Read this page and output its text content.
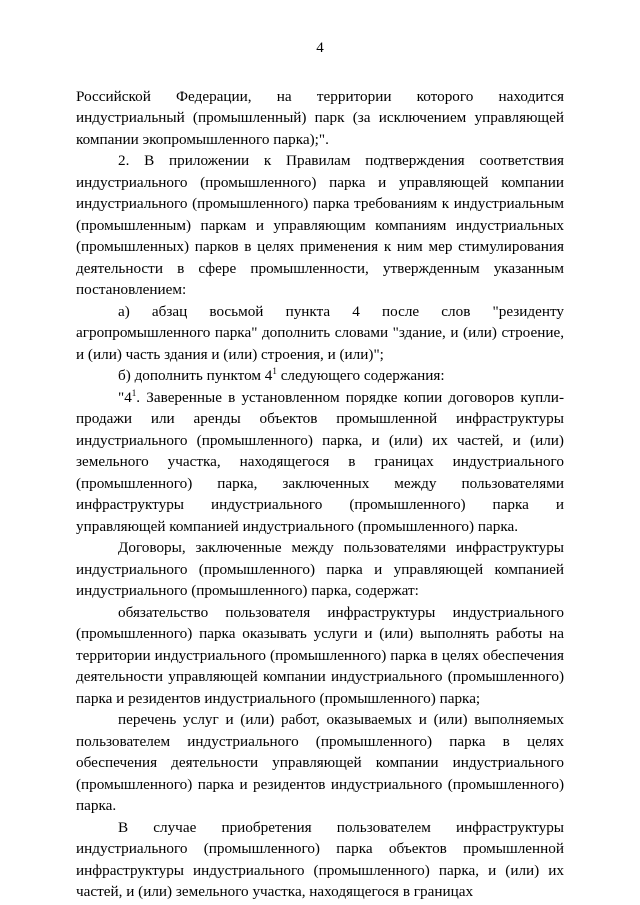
4

Российской Федерации, на территории которого находится индустриальный (промышленный) парк (за исключением управляющей компании экопромышленного парка);".

2. В приложении к Правилам подтверждения соответствия индустриального (промышленного) парка и управляющей компании индустриального (промышленного) парка требованиям к индустриальным (промышленным) паркам и управляющим компаниям индустриальных (промышленных) парков в целях применения к ним мер стимулирования деятельности в сфере промышленности, утвержденным указанным постановлением:

а) абзац восьмой пункта 4 после слов "резиденту агропромышленного парка" дополнить словами "здание, и (или) строение, и (или) часть здания и (или) строения, и (или)";

б) дополнить пунктом $4^1$ следующего содержания:

"$4^1$. Заверенные в установленном порядке копии договоров купли-продажи или аренды объектов промышленной инфраструктуры индустриального (промышленного) парка, и (или) их частей, и (или) земельного участка, находящегося в границах индустриального (промышленного) парка, заключенных между пользователями инфраструктуры индустриального (промышленного) парка и управляющей компанией индустриального (промышленного) парка.

Договоры, заключенные между пользователями инфраструктуры индустриального (промышленного) парка и управляющей компанией индустриального (промышленного) парка, содержат:

обязательство пользователя инфраструктуры индустриального (промышленного) парка оказывать услуги и (или) выполнять работы на территории индустриального (промышленного) парка в целях обеспечения деятельности управляющей компании индустриального (промышленного) парка и резидентов индустриального (промышленного) парка;

перечень услуг и (или) работ, оказываемых и (или) выполняемых пользователем индустриального (промышленного) парка в целях обеспечения деятельности управляющей компании индустриального (промышленного) парка и резидентов индустриального (промышленного) парка.

В случае приобретения пользователем инфраструктуры индустриального (промышленного) парка объектов промышленной инфраструктуры индустриального (промышленного) парка, и (или) их частей, и (или) земельного участка, находящегося в границах
